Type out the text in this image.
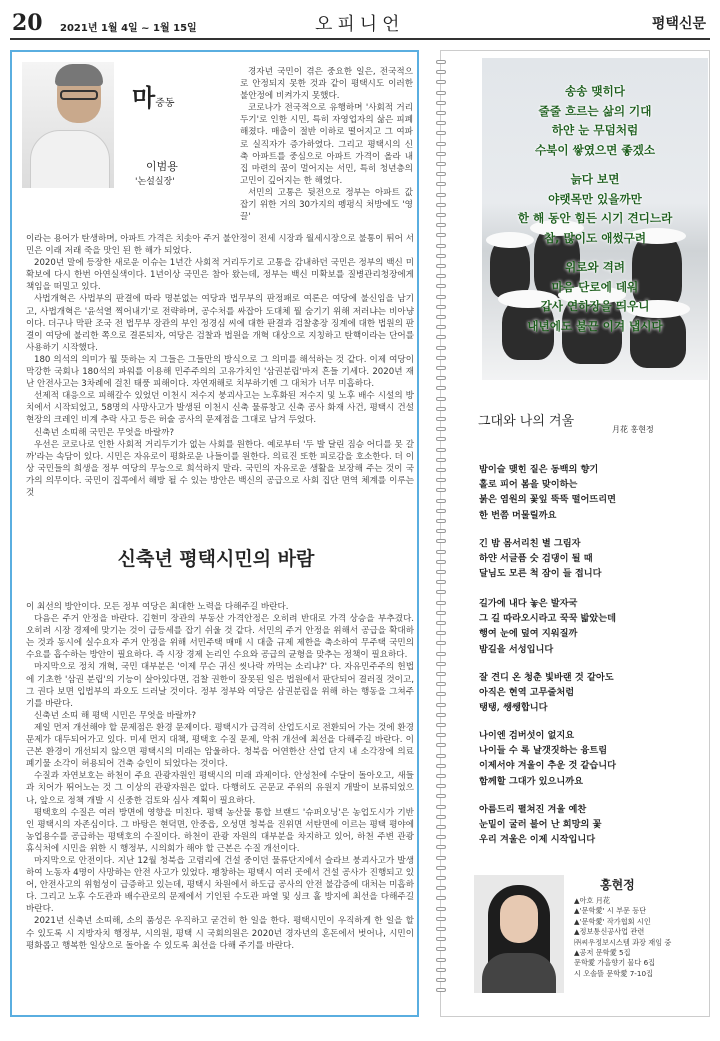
20 2021년 1월 4일 ~ 1월 15일	오피니언	평택신문
마중동
이범용
'논설실장'

경자년 국민이 겪은 중요한 일은, 전국적으로 안정되지 못한 것과 같이 평택시도 이러한 불안정에 비켜가지 못했다.

코로나가 전국적으로 유행하며 '사회적 거리두기'로 인한 시민, 특히 자영업자의 삶은 피폐해졌다. 매출이 절반 이하로 떨어지고 그 여파로 실직자가 증가하였다. 그리고 평택시의 신축 아파트를 중심으로 아파트 가격이 올라 내 집 마련의 꿈이 멀어지는 서민, 특히 청년층의 고민이 깊어지는 한 해였다.

서민의 고통은 뒷전으로 정부는 아파트 값 잡기 위한 거의 30가지의 펭펑식 처방에도 '영끌'

이라는 용어가 탄생하며, 아파트 가격은 치솟아 주거 불안정이 전세 시장과 월세시장으로 불통이 튀어 서민은 이래 저래 죽을 맛인 된 한 해가 되었다.

2020년 말에 등장한 새로운 이슈는 1년간 사회적 거리두기로 고통을 감내하던 국민은 정부의 백신 미확보에 다시 한번 아연실색이다. 1년이상 국민은 참아 왔는데, 정부는 백신 미확보를 질병관리청장에게 책임을 떠밀고 있다.

사법개혁은 사법부의 판결에 따라 명분없는 여당과 법무부의 판정패로 여론은 여당에 불신임을 남기고, 사법개혁은 '윤석열 찍어내기'로 전략하며, 공수처를 싸잡아 도대체 뭘 숨기기 위해 저러냐는 비아냥이다. 더구나 막판 조국 전 법무부 장관의 부인 정경심 씨에 대한 판결과 검찰총장 징계에 대한 법원의 판결이 여당에 불리한 쪽으로 결론되자, 여당은 검찰과 법원을 개혁 대상으로 지칭하고 탄핵이라는 단어를 사용하기 시작했다.

180 의석의 의미가 뭘 뜻하는 지 그들은 그들만의 방식으로 그 의미를 해석하는 것 같다. 이제 여당이 막강한 국회나 180석의 파워를 이용해 민주주의의 고유가치인 '삼권분립'마저 흔들 기세다. 2020년 재난 안전사고는 3차례에 걸친 태풍 피해이다. 자연재해로 치부하기엔 그 대처가 너무 미흡하다.

선제적 대응으로 피해갈수 있었던 이천시 저수지 붕괴사고는 노후화된 저수지 및 노후 배수 시설의 방치에서 시작되었고, 58명의 사망사고가 발생된 이천시 신축 물류창고 신축 공사 화재 사건, 평택시 건설현장의 크레인 비계 추락 사고 등은 허술 공사의 문제점을 그대로 남겨 두었다.

신축년 소띠해 국민은 무엇을 바랄까?

우선은 코로나로 인한 사회적 거리두기가 없는 사회를 원한다. 예로부터 '두 발 달린 짐승 어디를 못 갈까'라는 속담이 있다. 시민은 자유로이 평화로운 나들이를 원한다. 의료진 또한 피로감을 호소한다. 더 이상 국민들의 희생을 정부 여당의 무능으로 희석하지 말라. 국민의 자유로운 생활을 보장해 주는 것이 국가의 의무이다. 국민이 집콕에서 해방 될 수 있는 방안은 백신의 공급으로 사회 집단 면역 체계를 이루는 것

신축년 평택시민의 바람

이 최선의 방안이다. 모든 정부 여당은 최대한 노력을 다해주길 바란다.

다음은 주거 안정을 바란다. 김현미 장관의 부동산 가격안정은 오히려 반대로 가격 상승을 부추겼다. 오히려 시장 경제에 맞기는 것이 급등세를 잡기 쉬울 것 같다. 서민의 주거 안정을 위해서 공급을 확대하는 것과 동시에 실수요자 주거 안정을 위해 서민주택 매매 시 대출 규제 제한을 축소하여 무주택 국민의 수요를 흡수하는 방안이 필요하다. 즉 시장 경제 논리인 수요와 공급의 균형을 맞추는 정책이 필요하다.

마지막으로 정치 개혁, 국민 대부분은 '이제 무슨 귀신 씻나락 까먹는 소리냐?' 다. 자유민주주의 헌법에 기초한 '삼권 분립'의 기능이 살아있다면, 검찰 권한이 잘못된 일은 법원에서 판단되어 결러질 것이고, 그 권다 보면 입법부의 과오도 드러날 것이다. 정부 정부와 여당은 삼권분립을 위해 하는 행동을 그쳐주기를 바란다.

신축년 소띠 해 평택 시민은 무엇을 바랄까?

제일 먼저 개선해야 할 문제점은 환경 문제이다. 평택시가 급격히 산업도시로 전환되어 가는 것에 환경 문제가 대두되어가고 있다. 미세 먼지 대책, 평택호 수질 문제, 악취 개선에 최선을 다해주길 바란다. 이 근본 환경이 개선되지 않으면 평택시의 미래는 암울하다. 청북읍 어연한산 산업 단지 내 소각장에 의료 폐기물 소각이 허용되어 건축 승인이 되었다는 것이다.

수질과 자연보호는 하천이 주요 관광자원인 평택시의 미래 과제이다. 안성천에 수달이 돌아오고, 새들과 치어가 뛰어노는 것 그 이상의 관광자원은 없다. 다행히도 곤문교 주위의 유원지 개발이 보류되었으나, 앞으로 정책 개발 시 신중한 검토와 심사 계획이 필요하다.

평택호의 수질은 여러 방면에 영향을 미친다. 평택 농산물 통합 브랜드 '슈퍼오닝'은 농업도시가 기반인 평택시의 자존심이다. 그 바탕은 현덕면, 안중읍, 오성면 청북을 진위면 서탄면에 이르는 평택 평야에 농업용수를 공급하는 평택호의 수질이다. 하천이 관광 자원의 대부분을 차지하고 있어, 하천 주변 관광 휴식처에 시민을 위한 시 행정부, 시의회가 해야 할 근본은 수질 개선이다.

마지막으로 안전이다. 지난 12월 청북읍 고렴리에 건설 중이던 물류단지에서 슬라브 붕괴사고가 발생하여 노동자 4명이 사망하는 안전 사고가 있었다. 팽창하는 평택시 여러 곳에서 건설 공사가 진행되고 있어, 안전사고의 위험성이 급증하고 있는데, 평택시 차원에서 하도급 공사의 안전 불감증에 대처는 미흡하다. 그리고 노후 수도관과 배수관로의 문제에서 기인된 수도관 파열 및 싱크 홀 방지에 최선을 다해주길 바란다.

2021년 신축년 소띠해, 소의 품성은 우직하고 굳건히 한 일을 한다. 평택시민이 우직하게 한 일을 할 수 있도록 시 지방자치 행정부, 시의원, 평택 시 국회의원은 2020년 경자년의 혼돈에서 벗어나, 시민이 평화롭고 행복한 일상으로 돌아올 수 있도록 최선을 다해 주기를 바란다.

송송 맺히다
줄줄 흐르는 삶의 기대
하얀 눈 무덤처럼
수북이 쌓였으면 좋겠소
늙다 보면
야랫목만 있을까만
한 해 동안 힘든 시기 견디느라
참, 많이도 애썼구려
위로와 격려
마음 단로에 데워
갑사 연하장을 띄우니
내년에도 불끈 이겨 냅시다
그대와 나의 겨울
月花 홍현정
밤이슬 맺힌 짙은 동백의 향기
홀로 피어 봄을 맞이하는
붉은 염원의 꽃잎 뚝뚝 떨어뜨리면
한 번쯤 머물릴까요
긴 밤 몸서리친 별 그림자
하얀 서글픔 숫 검댕이 될 때
달님도 모른 척 잠이 들 접니다
길가에 내다 놓은 발자국
그 길 따라오시라고 꾹꾹 밟았는데
행여 눈에 덮여 지워질까
밤길을 서성입니다
잘 견디 온 청춘 빛바랜 것 같아도
아직은 현역 고무줄처럼
탱탱, 쌩쌩합니다
나이엔 검버섯이 없지요
나이들 수 록 날갯짓하는 융트림
이제서야 겨울이 추운 것 같습니다
함께할 그대가 있으니까요
아름드리 펼쳐진 겨울 예찬
눈밑이 굴러 불어 난 희망의 꽃
우리 겨울은 이제 시작입니다
홍현정
▲아호 月花
▲'문학愛' 시 부문 등단
▲'문학愛' 작가협회 시인
▲정보통신공사업 관련
㈜씨우정보시스템 과장 재임 중
▲공저 문학愛 5집
문학愛 가을향기 물다 6집
시 오솔뜰 문학愛 7-10집
